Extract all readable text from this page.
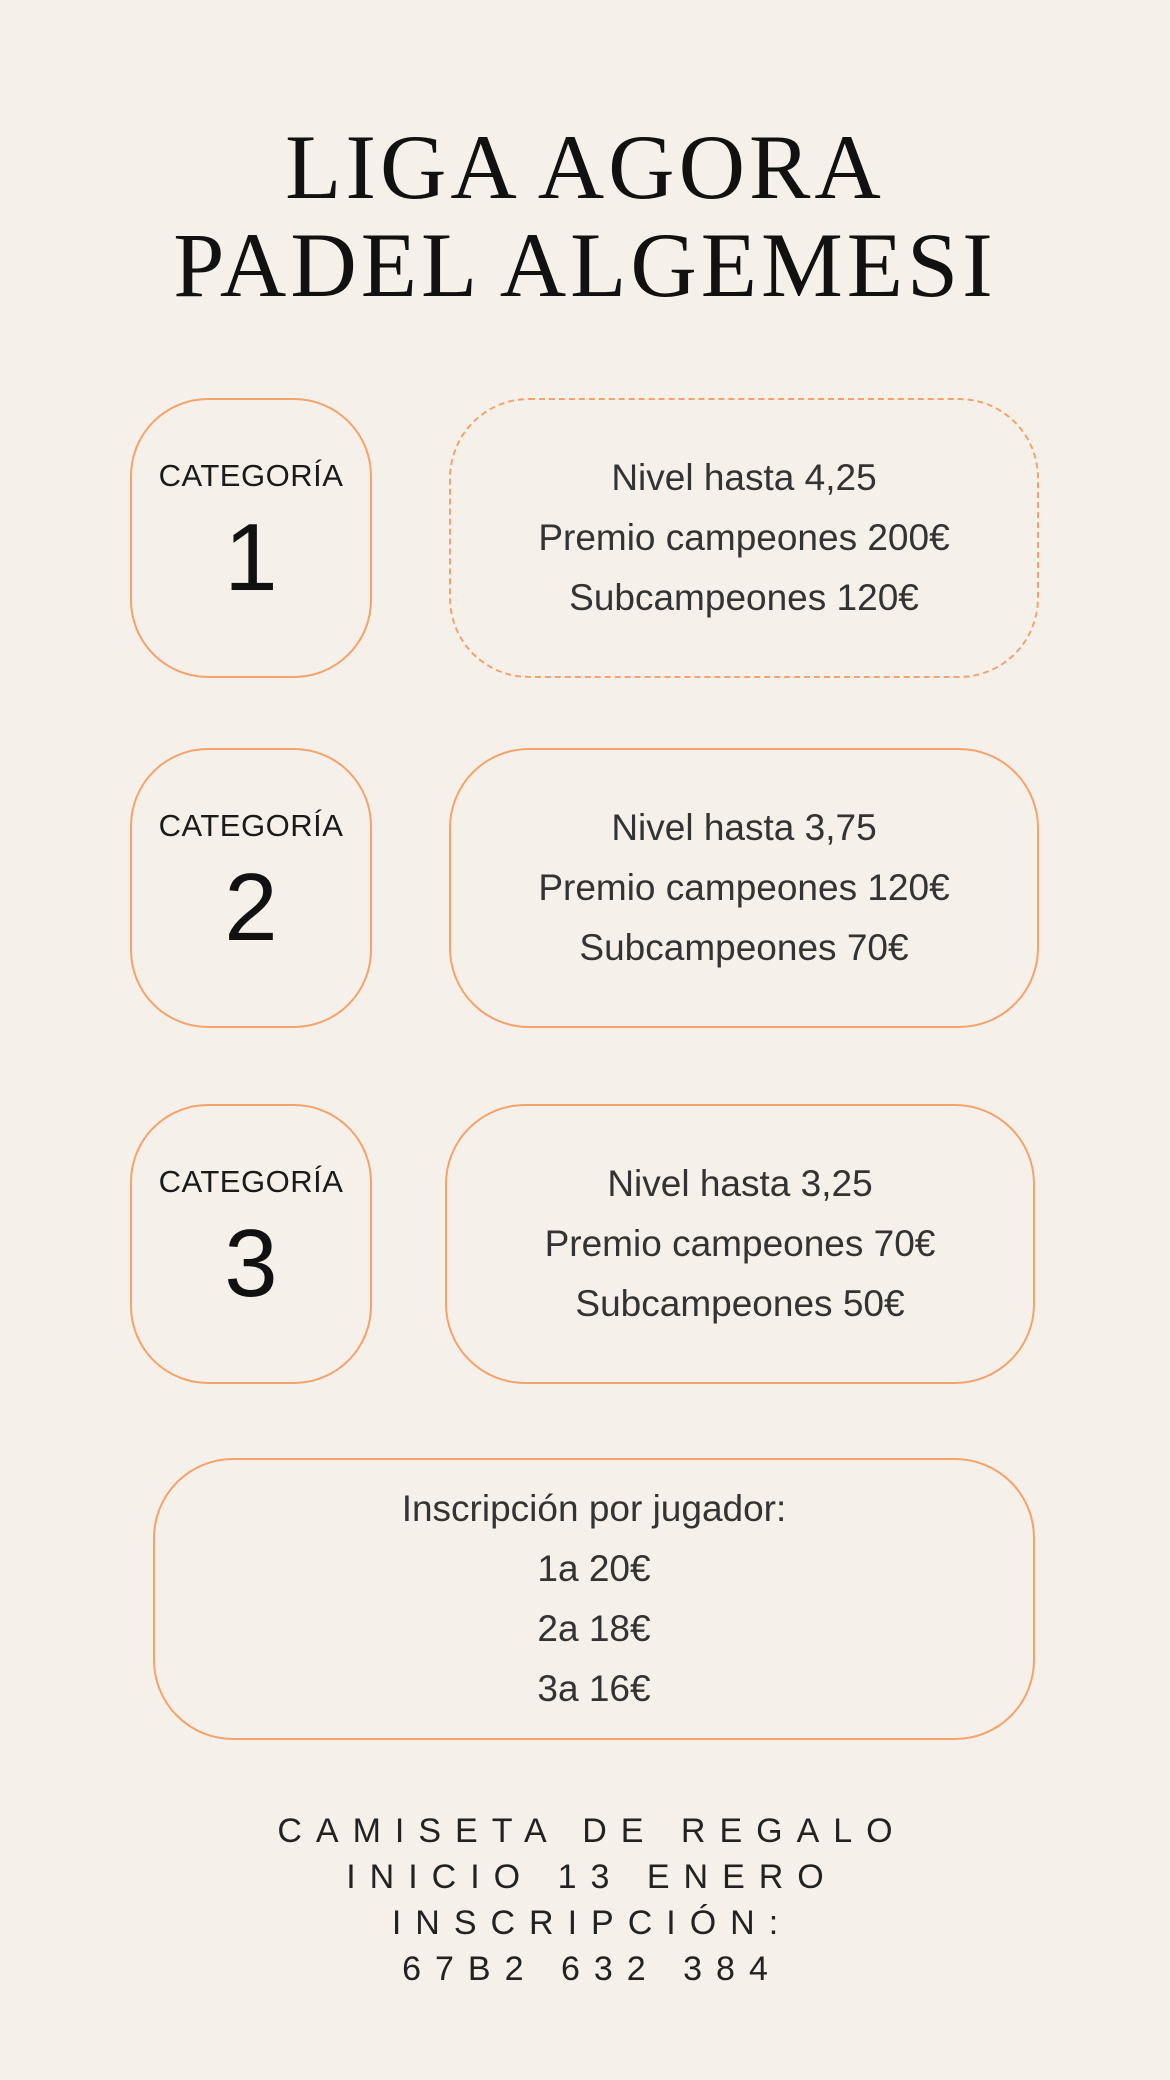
LIGA AGORA
PADEL ALGEMESI
CATEGORÍA
1
Nivel hasta 4,25
Premio campeones 200€
Subcampeones 120€
CATEGORÍA
2
Nivel hasta 3,75
Premio campeones 120€
Subcampeones 70€
CATEGORÍA
3
Nivel hasta 3,25
Premio campeones 70€
Subcampeones 50€
Inscripción por jugador:
1a 20€
2a 18€
3a 16€
CAMISETA DE REGALO
INICIO 13 ENERO
INSCRIPCIÓN:
67B2 632 384
